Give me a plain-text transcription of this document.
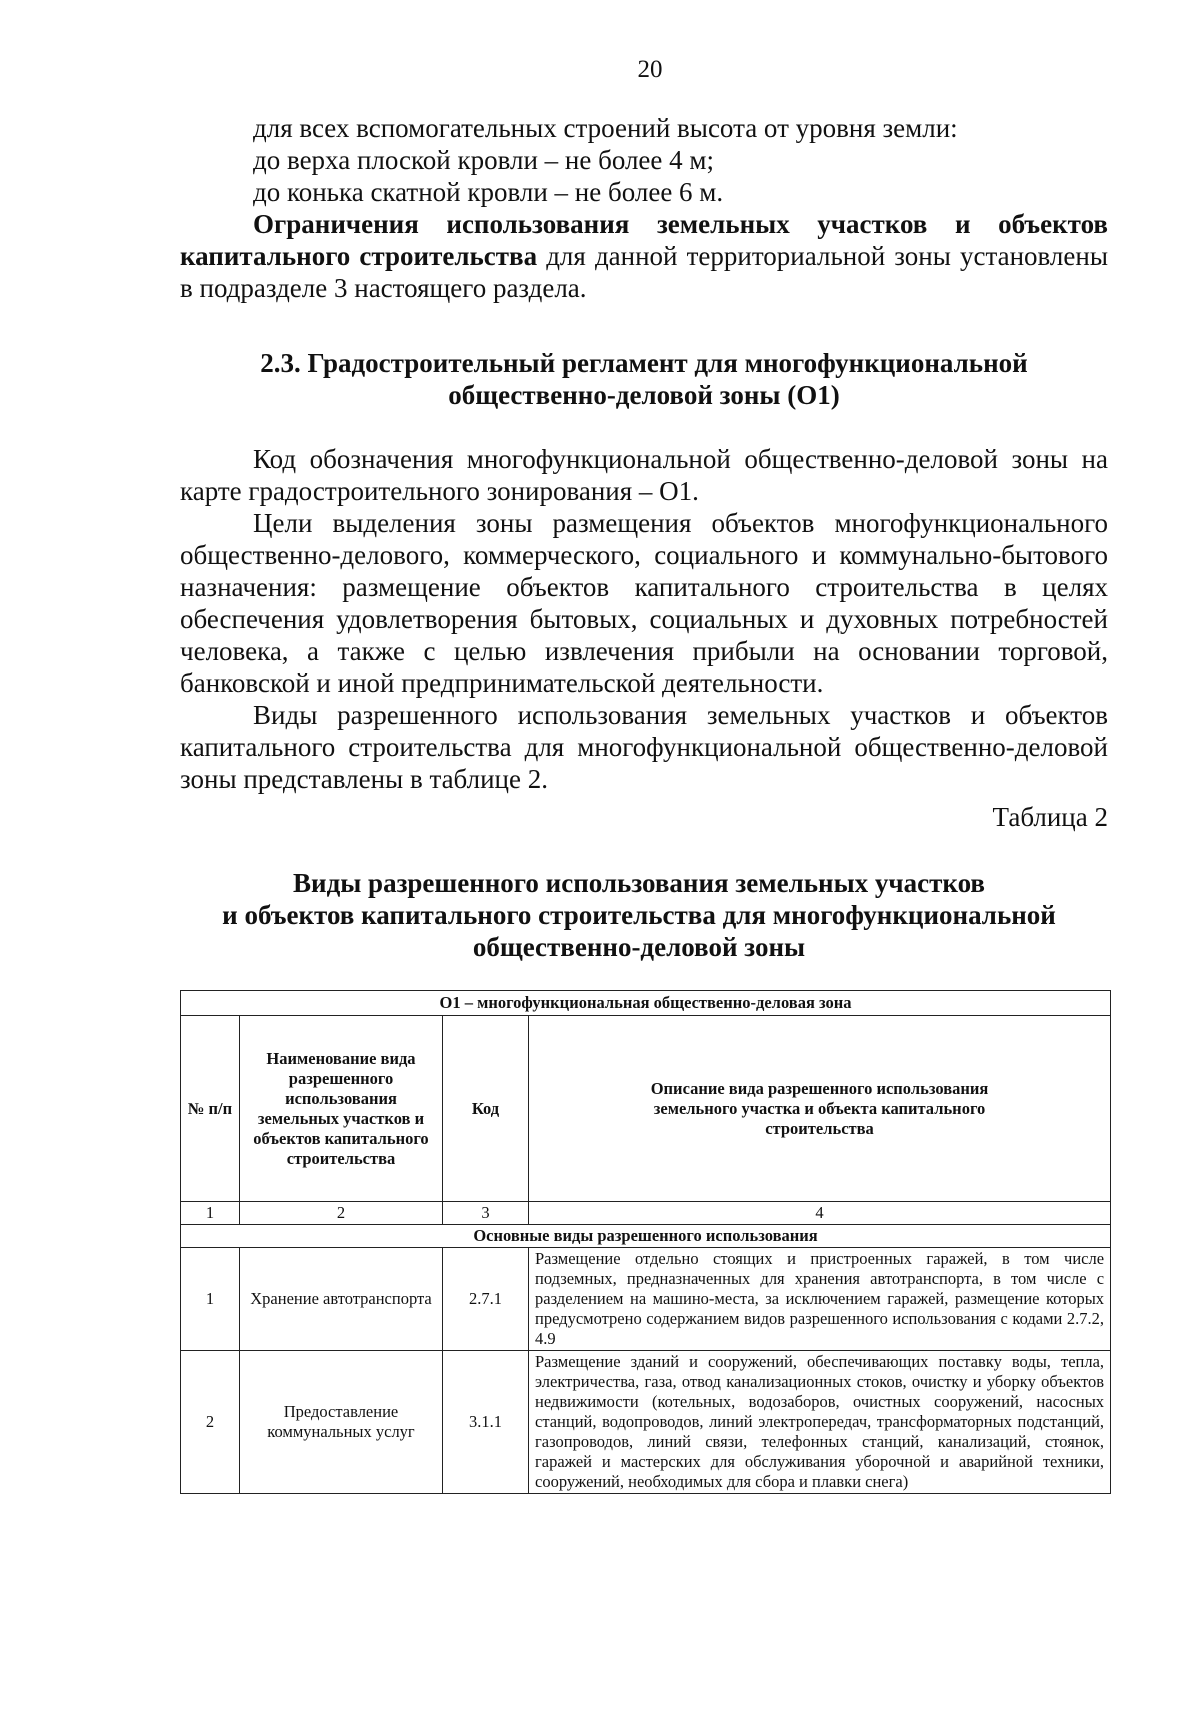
20

для всех вспомогательных строений высота от уровня земли:

до верха плоской кровли – не более 4 м;

до конька скатной кровли – не более 6 м.

Ограничения использования земельных участков и объектов капитального строительства для данной территориальной зоны установлены в подразделе 3 настоящего раздела.

2.3. Градостроительный регламент для многофункциональной
общественно-деловой зоны (О1)

Код обозначения многофункциональной общественно-деловой зоны на карте градостроительного зонирования – О1.

Цели выделения зоны размещения объектов многофункционального общественно-делового, коммерческого, социального и коммунально-бытового назначения: размещение объектов капитального строительства в целях обеспечения удовлетворения бытовых, социальных и духовных потребностей человека, а также с целью извлечения прибыли на основании торговой, банковской и иной предпринимательской деятельности.

Виды разрешенного использования земельных участков и объектов капитального строительства для многофункциональной общественно-деловой зоны представлены в таблице 2.

Таблица 2
Виды разрешенного использования земельных участков
и объектов капитального строительства для многофункциональной
общественно-деловой зоны
О1 – многофункциональная общественно-деловая зона			
№ п/п	Наименование вида разрешенного использования земельных участков и объектов капитального строительства	Код	Описание вида разрешенного использования земельного участка и объекта капитального строительства
1	2	3	4
Основные виды разрешенного использования			
1	Хранение автотранспорта	2.7.1	Размещение отдельно стоящих и пристроенных гаражей, в том числе подземных, предназначенных для хранения автотранспорта, в том числе с разделением на машино-места, за исключением гаражей, размещение которых предусмотрено содержанием видов разрешенного использования с кодами 2.7.2, 4.9
2	Предоставление коммунальных услуг	3.1.1	Размещение зданий и сооружений, обеспечивающих поставку воды, тепла, электричества, газа, отвод канализационных стоков, очистку и уборку объектов недвижимости (котельных, водозаборов, очистных сооружений, насосных станций, водопроводов, линий электропередач, трансформаторных подстанций, газопроводов, линий связи, телефонных станций, канализаций, стоянок, гаражей и мастерских для обслуживания уборочной и аварийной техники, сооружений, необходимых для сбора и плавки снега)
